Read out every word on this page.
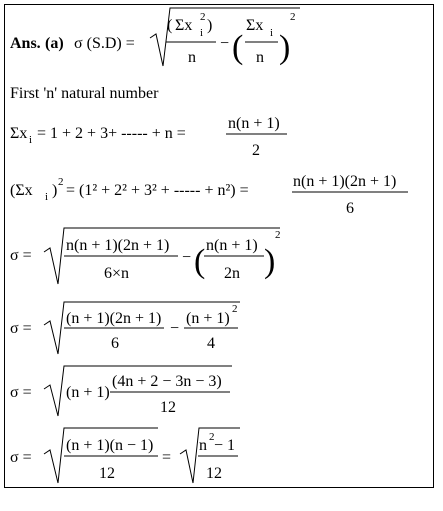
Ans. (a) σ (S.D) =
( Σx i
2 )
n
− (
Σx i
n )
2
First 'n' natural number
Σx i = 1 + 2 + 3+ ----- + n =
n(n + 1)
2
(Σx i ) 2 = (1² + 2² + 3² + ----- + n²) =
n(n + 1)(2n + 1)
6
σ =
n(n + 1)(2n + 1)
6×n
− ( n(n + 1)
2n )
2
σ =
(n + 1)(2n + 1)
6
−
(n + 1)
2
4
σ = (n + 1)
(4n + 2 − 3n − 3)
12
σ =
(n + 1)(n − 1)
12
=
n 2 − 1
12
